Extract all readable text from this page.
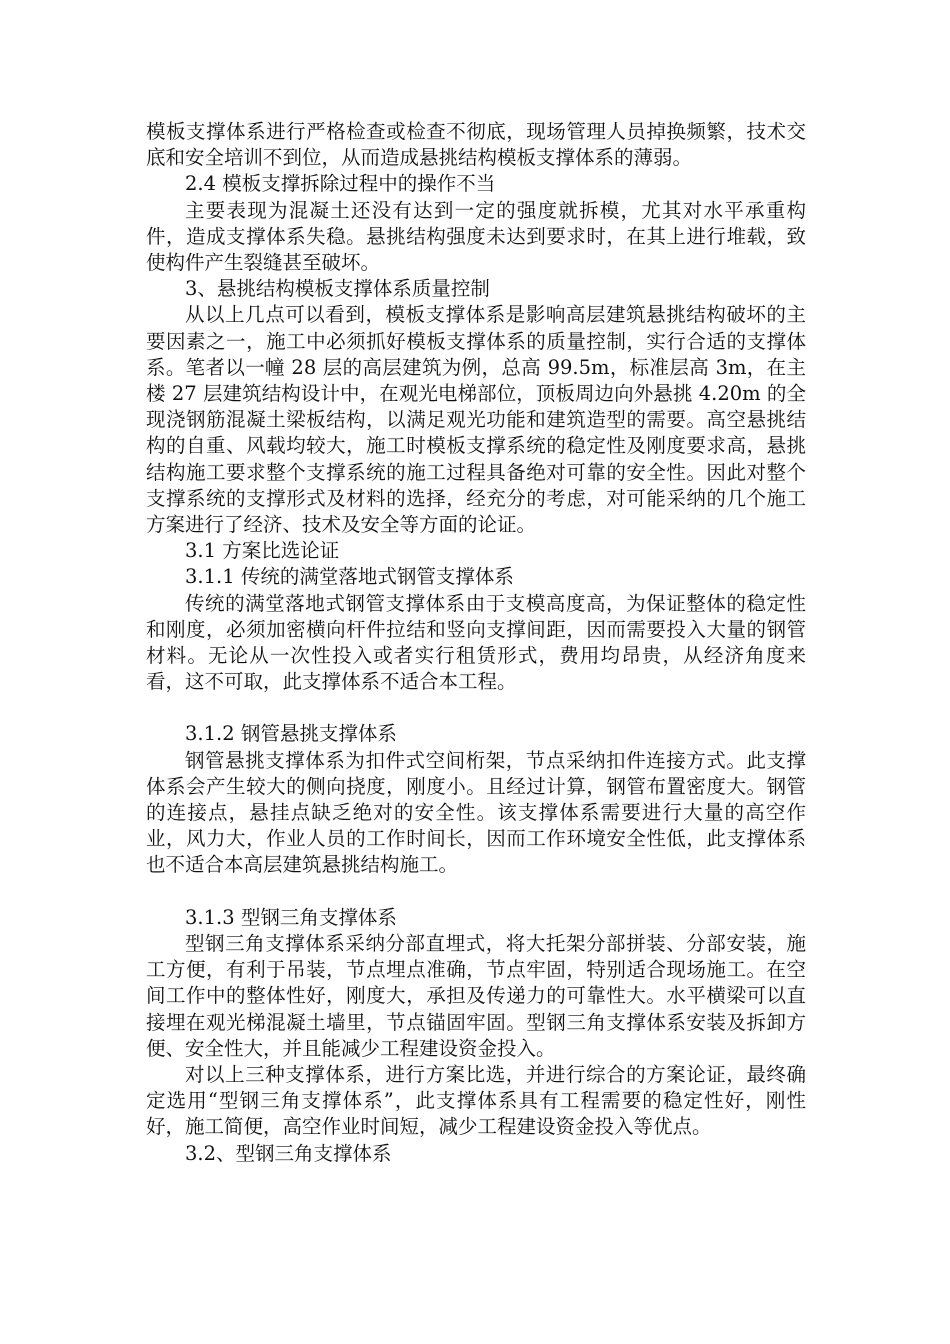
模板支撑体系进行严格检查或检查不彻底，现场管理人员掉换频繁，技术交底和安全培训不到位，从而造成悬挑结构模板支撑体系的薄弱。

2.4 模板支撑拆除过程中的操作不当

主要表现为混凝土还没有达到一定的强度就拆模，尤其对水平承重构件，造成支撑体系失稳。悬挑结构强度未达到要求时，在其上进行堆载，致使构件产生裂缝甚至破坏。

3、悬挑结构模板支撑体系质量控制

从以上几点可以看到，模板支撑体系是影响高层建筑悬挑结构破坏的主要因素之一，施工中必须抓好模板支撑体系的质量控制，实行合适的支撑体系。笔者以一幢 28 层的高层建筑为例，总高 99.5m，标准层高 3m，在主楼 27 层建筑结构设计中，在观光电梯部位，顶板周边向外悬挑 4.20m 的全现浇钢筋混凝土梁板结构，以满足观光功能和建筑造型的需要。高空悬挑结构的自重、风载均较大，施工时模板支撑系统的稳定性及刚度要求高，悬挑结构施工要求整个支撑系统的施工过程具备绝对可靠的安全性。因此对整个支撑系统的支撑形式及材料的选择，经充分的考虑，对可能采纳的几个施工方案进行了经济、技术及安全等方面的论证。

3.1 方案比选论证

3.1.1 传统的满堂落地式钢管支撑体系

传统的满堂落地式钢管支撑体系由于支模高度高，为保证整体的稳定性和刚度，必须加密横向杆件拉结和竖向支撑间距，因而需要投入大量的钢管材料。无论从一次性投入或者实行租赁形式，费用均昂贵，从经济角度来看，这不可取，此支撑体系不适合本工程。

3.1.2 钢管悬挑支撑体系

钢管悬挑支撑体系为扣件式空间桁架，节点采纳扣件连接方式。此支撑体系会产生较大的侧向挠度，刚度小。且经过计算，钢管布置密度大。钢管的连接点，悬挂点缺乏绝对的安全性。该支撑体系需要进行大量的高空作业，风力大，作业人员的工作时间长，因而工作环境安全性低，此支撑体系也不适合本高层建筑悬挑结构施工。

3.1.3 型钢三角支撑体系

型钢三角支撑体系采纳分部直埋式，将大托架分部拼装、分部安装，施工方便，有利于吊装，节点埋点准确，节点牢固，特别适合现场施工。在空间工作中的整体性好，刚度大，承担及传递力的可靠性大。水平横梁可以直接埋在观光梯混凝土墙里，节点锚固牢固。型钢三角支撑体系安装及拆卸方便、安全性大，并且能减少工程建设资金投入。

对以上三种支撑体系，进行方案比选，并进行综合的方案论证，最终确定选用“型钢三角支撑体系”，此支撑体系具有工程需要的稳定性好，刚性好，施工简便，高空作业时间短，减少工程建设资金投入等优点。

3.2、型钢三角支撑体系
